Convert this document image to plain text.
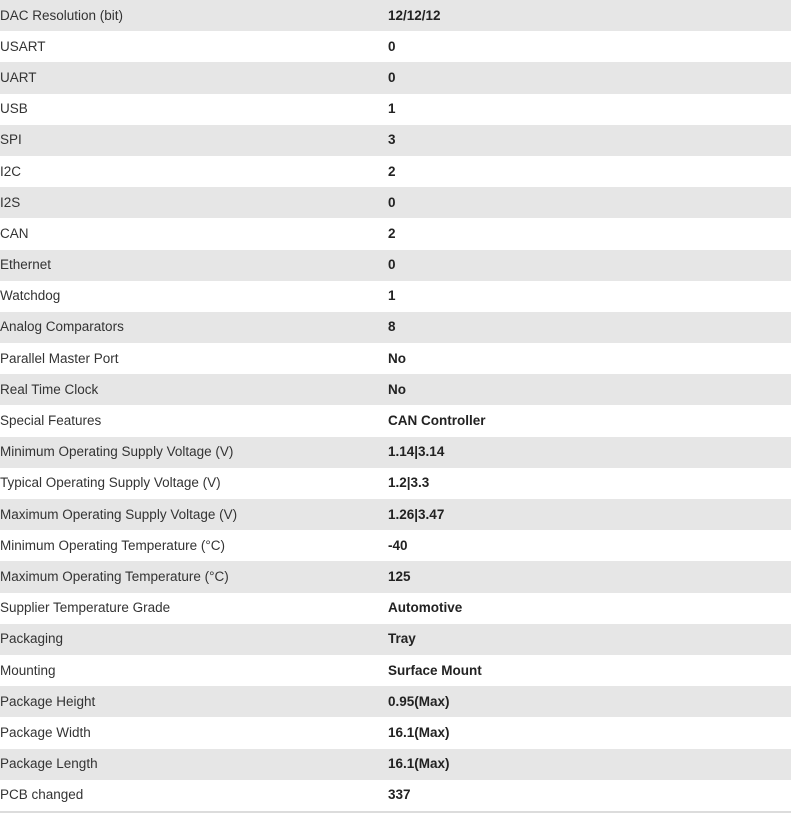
DAC Resolution (bit)	12/12/12
USART	0
UART	0
USB	1
SPI	3
I2C	2
I2S	0
CAN	2
Ethernet	0
Watchdog	1
Analog Comparators	8
Parallel Master Port	No
Real Time Clock	No
Special Features	CAN Controller
Minimum Operating Supply Voltage (V)	1.14|3.14
Typical Operating Supply Voltage (V)	1.2|3.3
Maximum Operating Supply Voltage (V)	1.26|3.47
Minimum Operating Temperature (°C)	-40
Maximum Operating Temperature (°C)	125
Supplier Temperature Grade	Automotive
Packaging	Tray
Mounting	Surface Mount
Package Height	0.95(Max)
Package Width	16.1(Max)
Package Length	16.1(Max)
PCB changed	337
